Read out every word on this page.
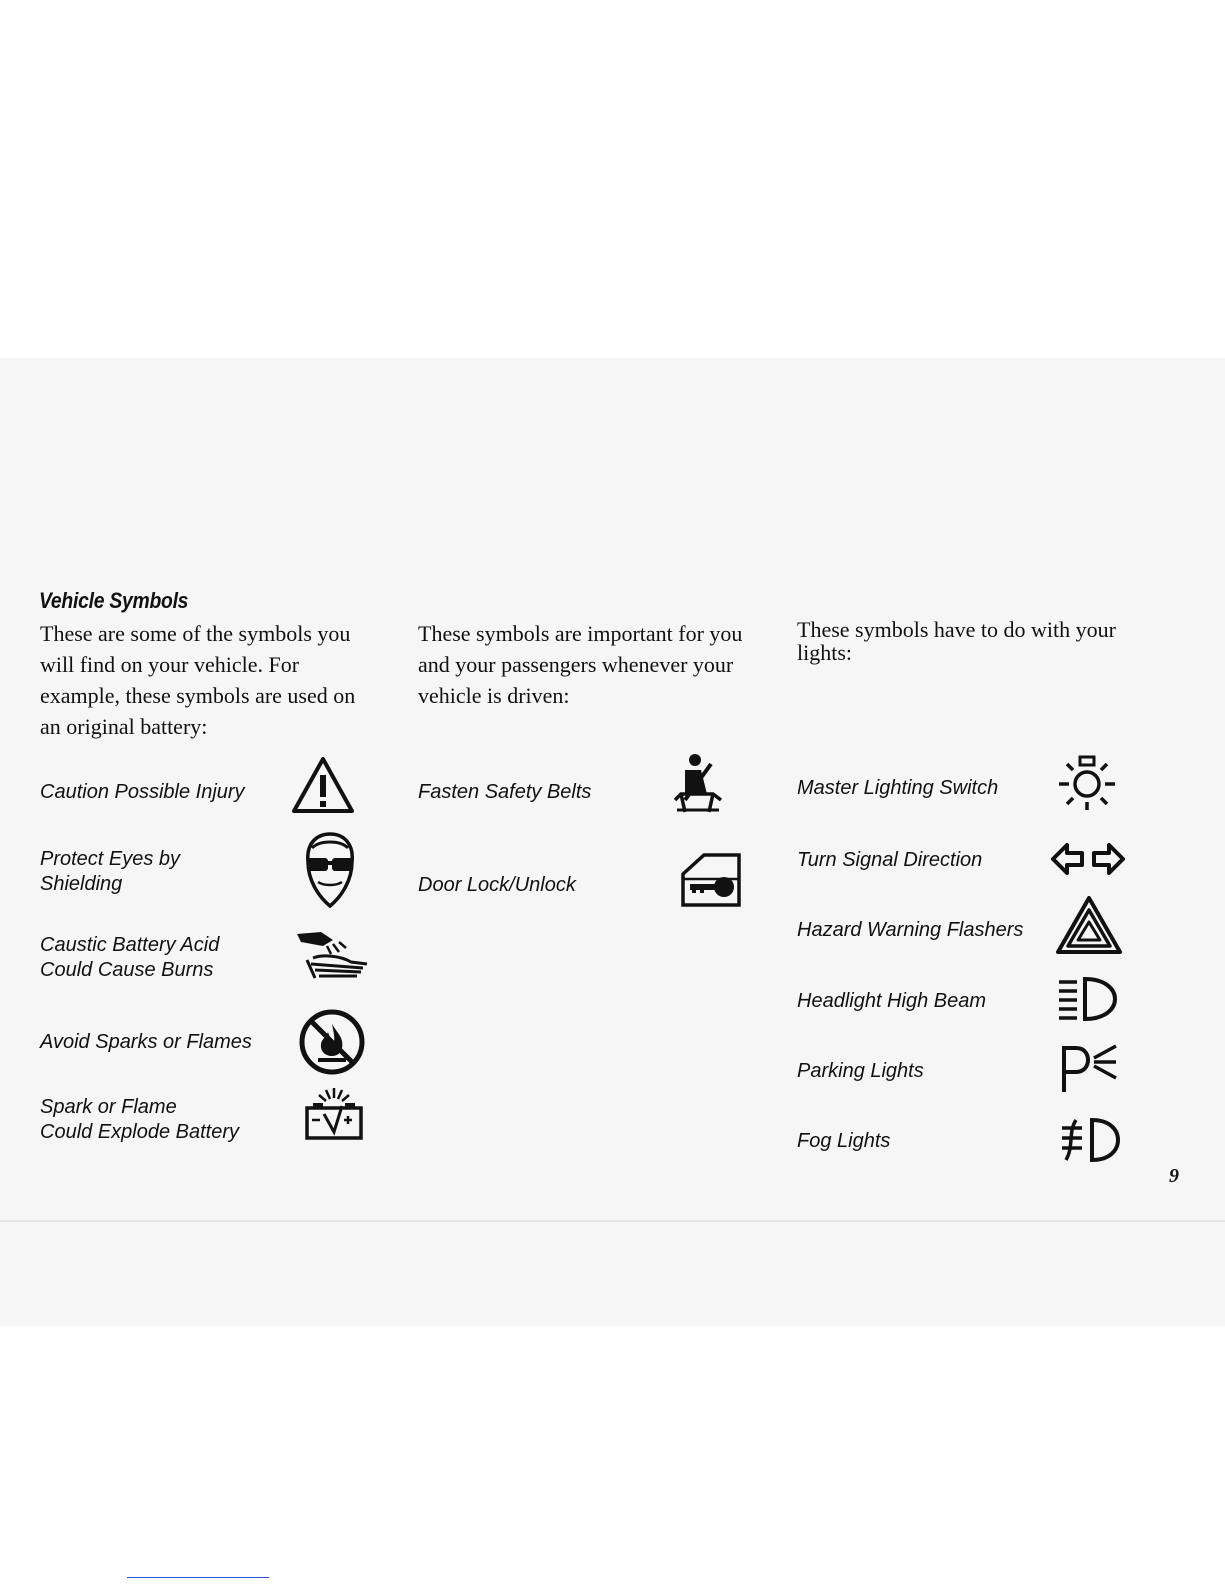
Vehicle Symbols
These are some of the symbols you will find on your vehicle. For example, these symbols are used on an original battery:
These symbols are important for you and your passengers whenever your vehicle is driven:
These symbols have to do with your lights:
Caution Possible Injury
Protect Eyes by
Shielding
Caustic Battery Acid
Could Cause Burns
Avoid Sparks or Flames
Spark or Flame
Could Explode Battery
Fasten Safety Belts
Door Lock/Unlock
Master Lighting Switch
Turn Signal Direction
Hazard Warning Flashers
Headlight High Beam
Parking Lights
Fog Lights
9
